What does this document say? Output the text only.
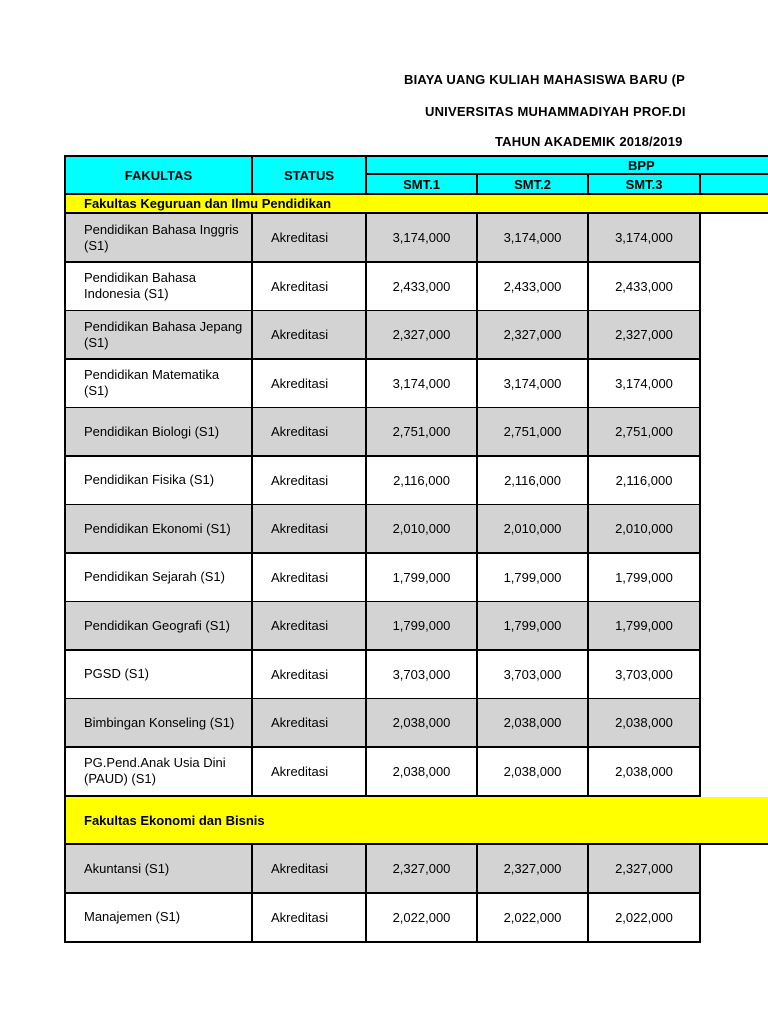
BIAYA UANG KULIAH MAHASISWA BARU (P
UNIVERSITAS MUHAMMADIYAH PROF.DI
TAHUN AKADEMIK 2018/2019
FAKULTAS	STATUS
BPP
SMT.1	SMT.2	SMT.3
Fakultas Keguruan dan Ilmu Pendidikan
Pendidikan Bahasa Inggris (S1)	Akreditasi	3,174,000	3,174,000	3,174,000
Pendidikan Bahasa Indonesia (S1)	Akreditasi	2,433,000	2,433,000	2,433,000
Pendidikan Bahasa Jepang (S1)	Akreditasi	2,327,000	2,327,000	2,327,000
Pendidikan Matematika (S1)	Akreditasi	3,174,000	3,174,000	3,174,000
Pendidikan Biologi (S1)	Akreditasi	2,751,000	2,751,000	2,751,000
Pendidikan Fisika (S1)	Akreditasi	2,116,000	2,116,000	2,116,000
Pendidikan Ekonomi (S1)	Akreditasi	2,010,000	2,010,000	2,010,000
Pendidikan Sejarah (S1)	Akreditasi	1,799,000	1,799,000	1,799,000
Pendidikan Geografi (S1)	Akreditasi	1,799,000	1,799,000	1,799,000
PGSD (S1)	Akreditasi	3,703,000	3,703,000	3,703,000
Bimbingan Konseling (S1)	Akreditasi	2,038,000	2,038,000	2,038,000
PG.Pend.Anak Usia Dini (PAUD) (S1)	Akreditasi	2,038,000	2,038,000	2,038,000
Fakultas Ekonomi dan Bisnis
Akuntansi (S1)	Akreditasi	2,327,000	2,327,000	2,327,000
Manajemen (S1)	Akreditasi	2,022,000	2,022,000	2,022,000
